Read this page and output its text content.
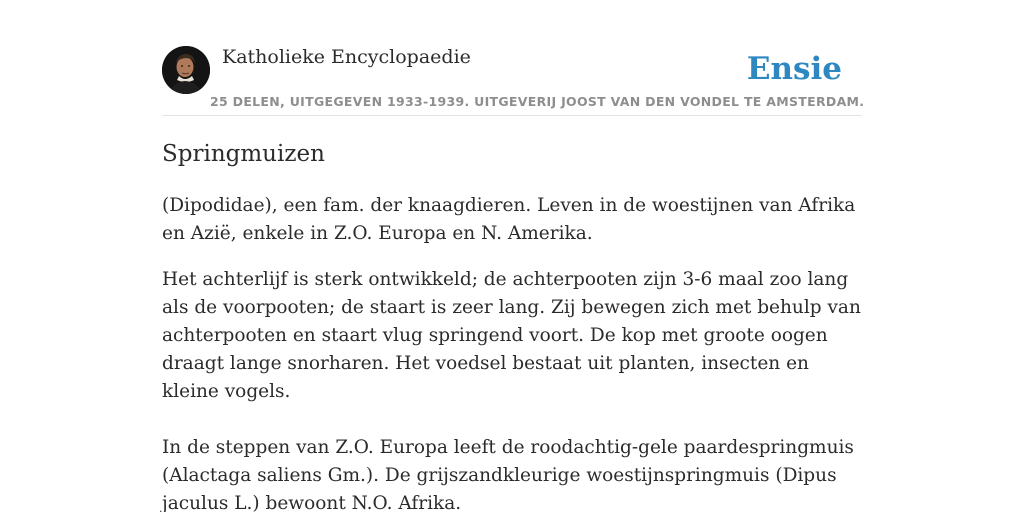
Katholieke Encyclopaedie
25 DELEN, UITGEGEVEN 1933-1939. UITGEVERIJ JOOST VAN DEN VONDEL TE AMSTERDAM.
Ensie
Springmuizen

(Dipodidae), een fam. der knaagdieren. Leven in de woestijnen van Afrika en Azië, enkele in Z.O. Europa en N. Amerika.

Het achterlijf is sterk ontwikkeld; de achterpooten zijn 3-6 maal zoo lang als de voorpooten; de staart is zeer lang. Zij bewegen zich met behulp van achterpooten en staart vlug springend voort. De kop met groote oogen draagt lange snorharen. Het voedsel bestaat uit planten, insecten en kleine vogels.

In de steppen van Z.O. Europa leeft de roodachtig-gele paardespringmuis (Alactaga saliens Gm.). De grijszandkleurige woestijnspringmuis (Dipus jaculus L.) bewoont N.O. Afrika.
